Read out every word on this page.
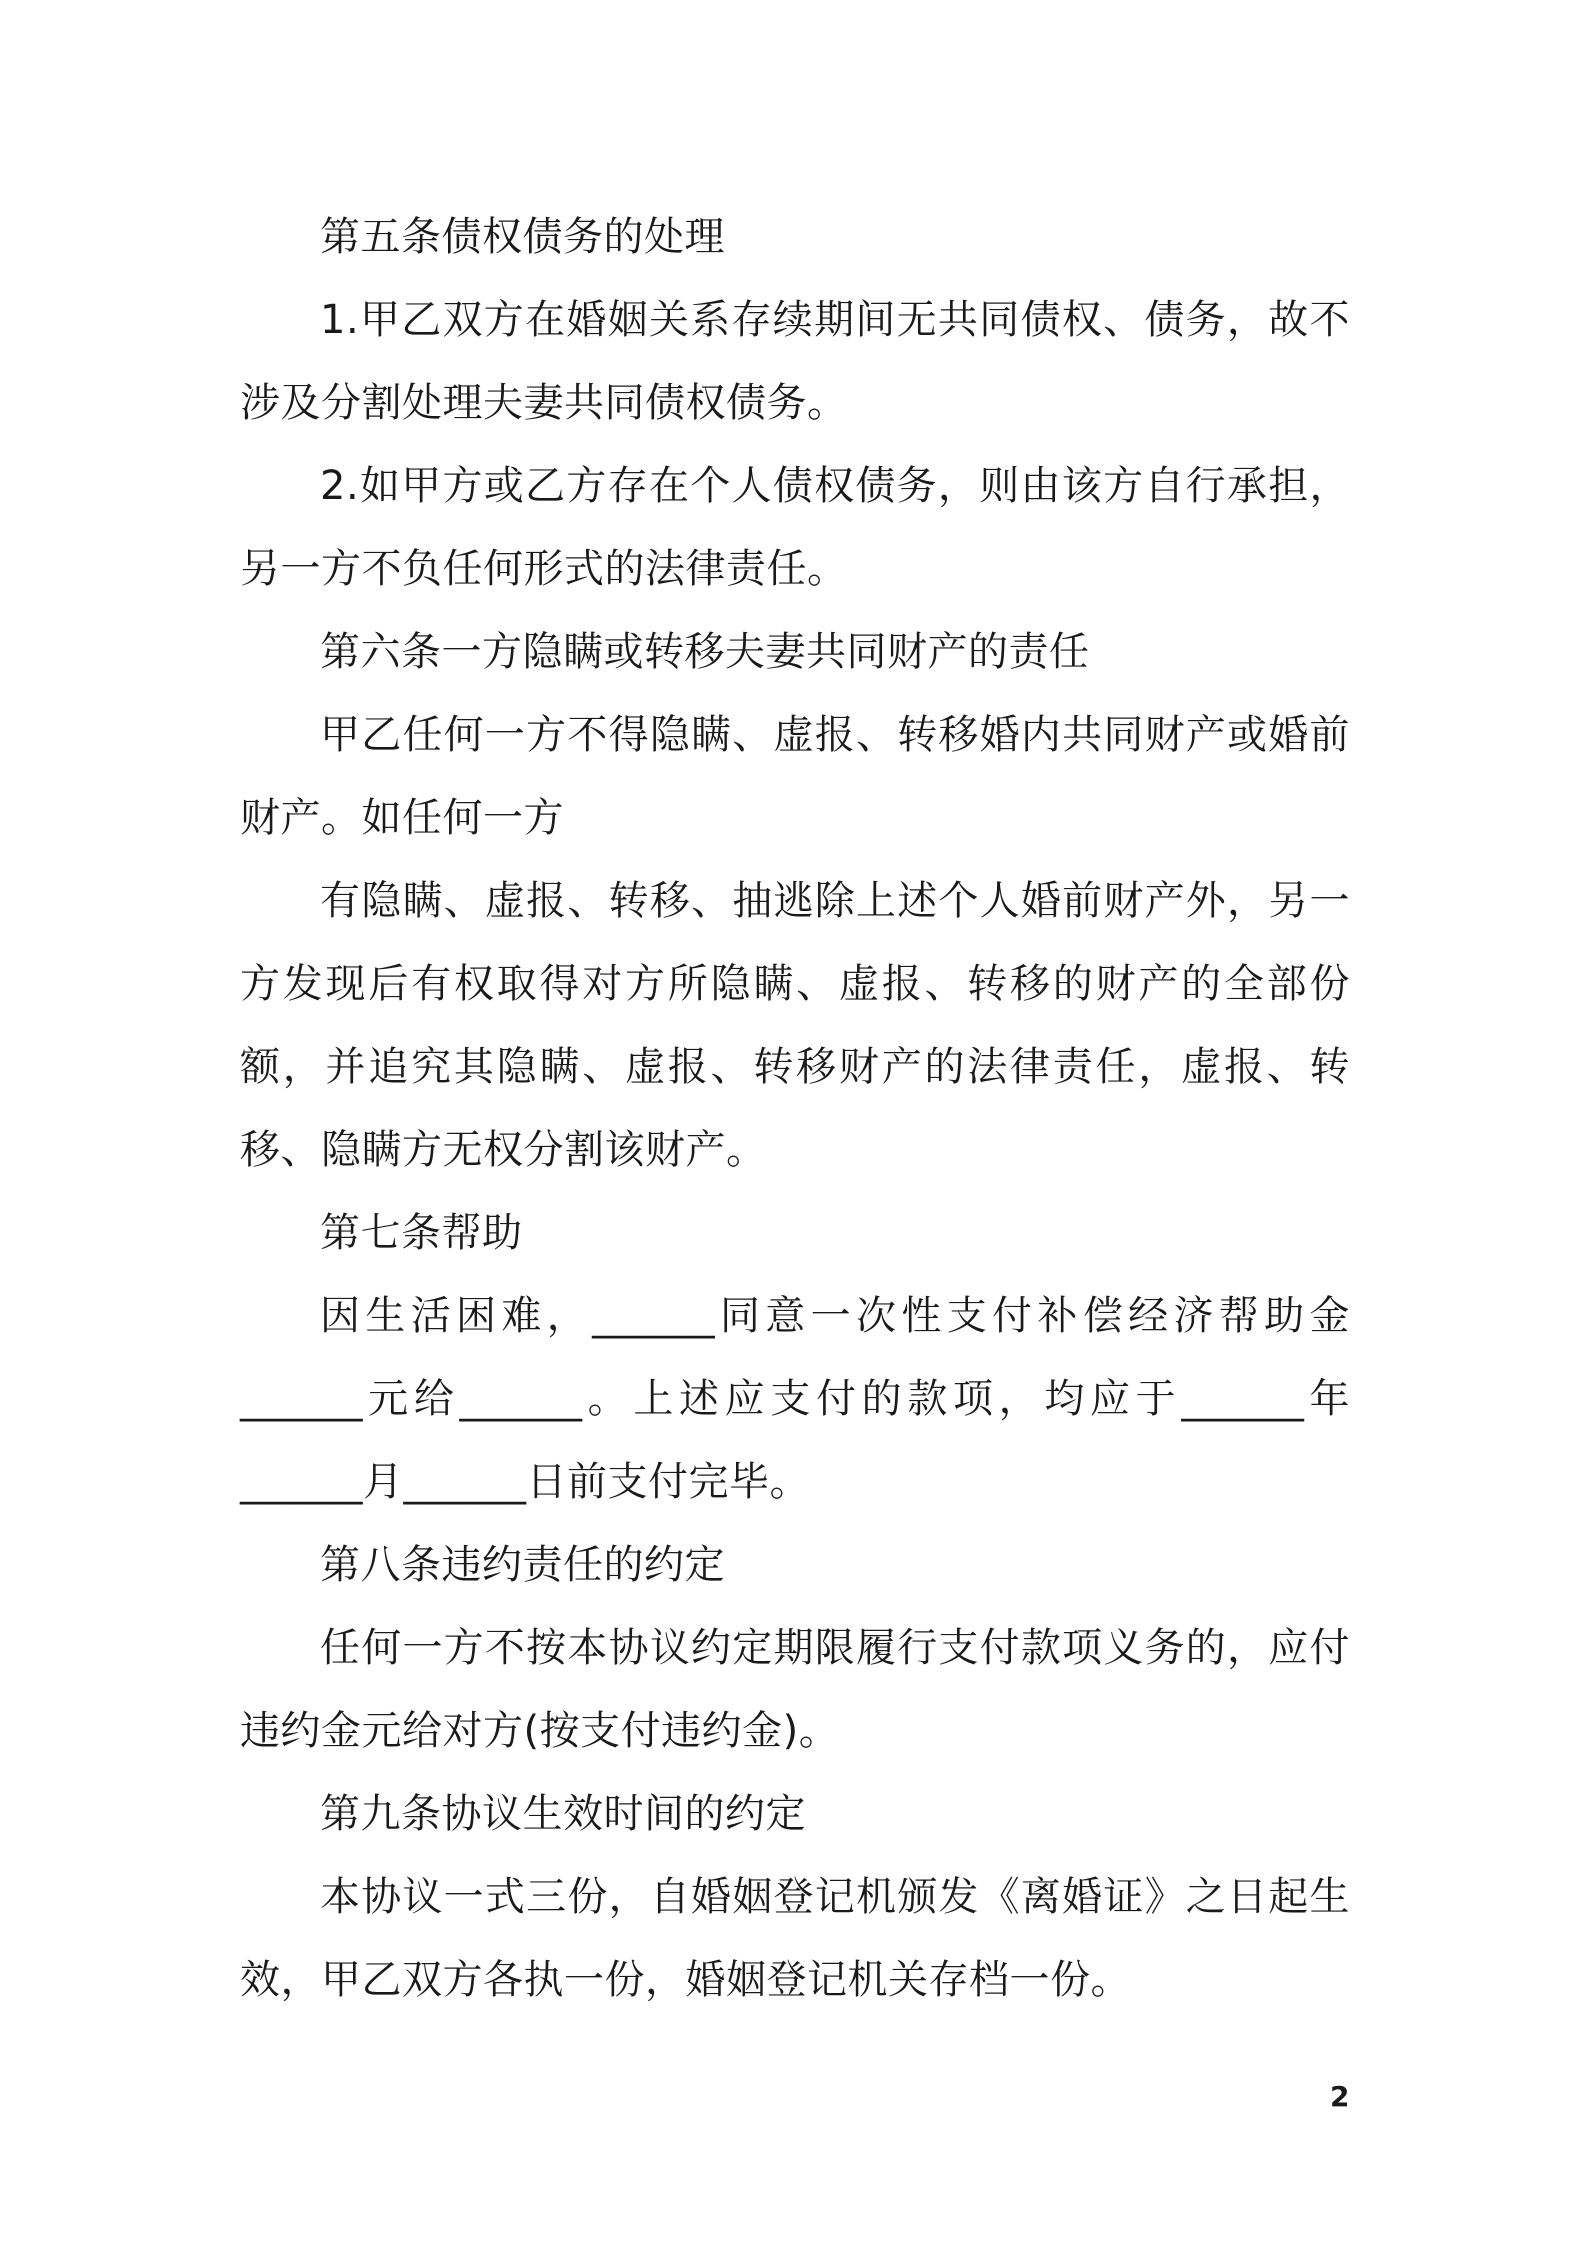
第五条债权债务的处理

1.甲乙双方在婚姻关系存续期间无共同债权、债务，故不涉及分割处理夫妻共同债权债务。

2.如甲方或乙方存在个人债权债务，则由该方自行承担，另一方不负任何形式的法律责任。

第六条一方隐瞒或转移夫妻共同财产的责任

甲乙任何一方不得隐瞒、虚报、转移婚内共同财产或婚前财产。如任何一方

有隐瞒、虚报、转移、抽逃除上述个人婚前财产外，另一方发现后有权取得对方所隐瞒、虚报、转移的财产的全部份额，并追究其隐瞒、虚报、转移财产的法律责任，虚报、转移、隐瞒方无权分割该财产。

第七条帮助

因生活困难，______同意一次性支付补偿经济帮助金______元给______。上述应支付的款项，均应于______年______月______日前支付完毕。

第八条违约责任的约定

任何一方不按本协议约定期限履行支付款项义务的，应付违约金元给对方(按支付违约金)。

第九条协议生效时间的约定

本协议一式三份，自婚姻登记机颁发《离婚证》之日起生效，甲乙双方各执一份，婚姻登记机关存档一份。

2
